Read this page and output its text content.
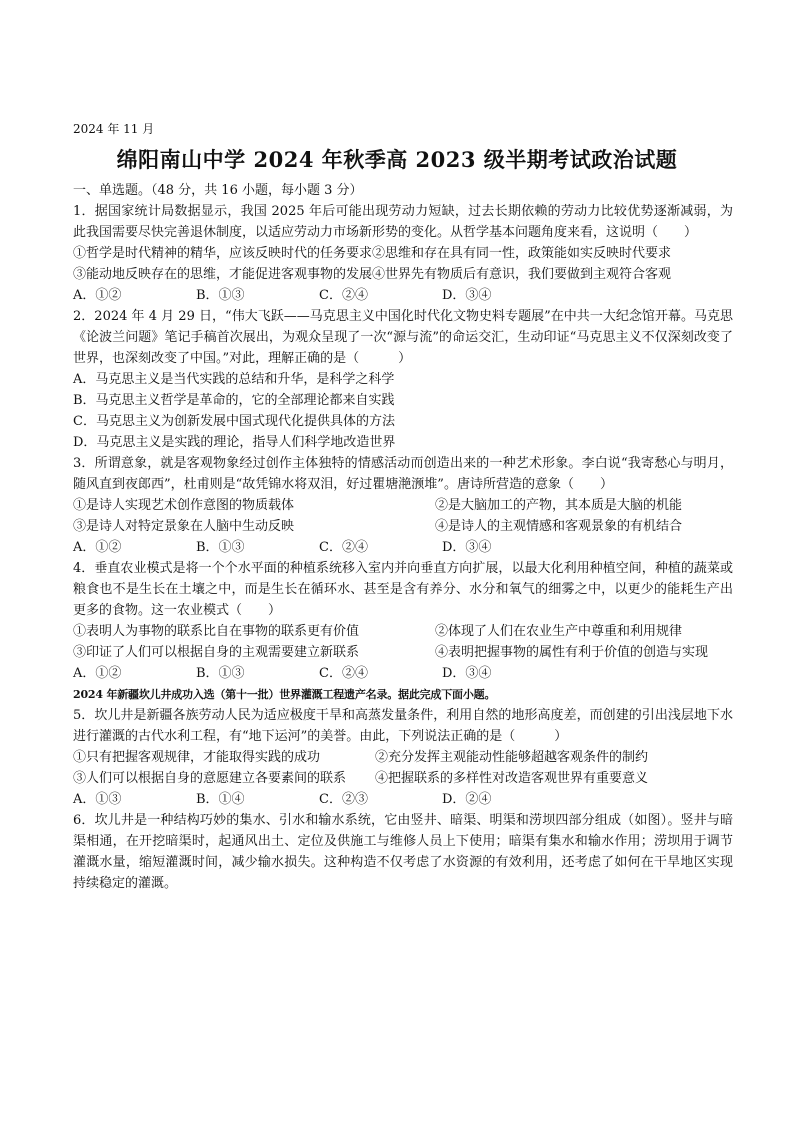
2024 年 11 月
绵阳南山中学 2024 年秋季高 2023 级半期考试政治试题
一、单选题。（48 分，共 16 小题，每小题 3 分）
1．据国家统计局数据显示，我国 2025 年后可能出现劳动力短缺，过去长期依赖的劳动力比较优势逐渐减弱，为此我国需要尽快完善退休制度，以适应劳动力市场新形势的变化。从哲学基本问题角度来看，这说明（　　）
①哲学是时代精神的精华，应该反映时代的任务要求②思维和存在具有同一性，政策能如实反映时代要求
③能动地反映存在的思维，才能促进客观事物的发展④世界先有物质后有意识，我们要做到主观符合客观
A．①②	B．①③	C．②④	D．③④
2．2024 年 4 月 29 日，“伟大飞跃——马克思主义中国化时代化文物史料专题展”在中共一大纪念馆开幕。马克思《论波兰问题》笔记手稿首次展出，为观众呈现了一次“源与流”的命运交汇，生动印证“马克思主义不仅深刻改变了世界，也深刻改变了中国。”对此，理解正确的是（　　　）
A．马克思主义是当代实践的总结和升华，是科学之科学
B．马克思主义哲学是革命的，它的全部理论都来自实践
C．马克思主义为创新发展中国式现代化提供具体的方法
D．马克思主义是实践的理论，指导人们科学地改造世界
3．所谓意象，就是客观物象经过创作主体独特的情感活动而创造出来的一种艺术形象。李白说“我寄愁心与明月，随风直到夜郎西”，杜甫则是“故凭锦水将双泪，好过瞿塘滟滪堆”。唐诗所营造的意象（　　）
①是诗人实现艺术创作意图的物质载体	②是大脑加工的产物，其本质是大脑的机能
③是诗人对特定景象在人脑中生动反映	④是诗人的主观情感和客观景象的有机结合
A．①②	B．①③	C．②④	D．③④
4．垂直农业模式是将一个个水平面的种植系统移入室内并向垂直方向扩展，以最大化利用种植空间，种植的蔬菜或粮食也不是生长在土壤之中，而是生长在循环水、甚至是含有养分、水分和氧气的细雾之中，以更少的能耗生产出更多的食物。这一农业模式（　　）
①表明人为事物的联系比自在事物的联系更有价值	②体现了人们在农业生产中尊重和利用规律
③印证了人们可以根据自身的主观需要建立新联系	④表明把握事物的属性有利于价值的创造与实现
A．①②	B．①③	C．②④	D．③④
2024 年新疆坎儿井成功入选（第十一批）世界灌溉工程遗产名录。据此完成下面小题。
5．坎儿井是新疆各族劳动人民为适应极度干旱和高蒸发量条件，利用自然的地形高度差，而创建的引出浅层地下水进行灌溉的古代水利工程，有“地下运河”的美誉。由此，下列说法正确的是（　　　）
①只有把握客观规律，才能取得实践的成功	②充分发挥主观能动性能够超越客观条件的制约
③人们可以根据自身的意愿建立各要素间的联系	④把握联系的多样性对改造客观世界有重要意义
A．①③	B．①④	C．②③	D．②④
6．坎儿井是一种结构巧妙的集水、引水和输水系统，它由竖井、暗渠、明渠和涝坝四部分组成（如图）。竖井与暗渠相通，在开挖暗渠时，起通风出土、定位及供施工与维修人员上下使用；暗渠有集水和输水作用；涝坝用于调节灌溉水量，缩短灌溉时间，减少输水损失。这种构造不仅考虑了水资源的有效利用，还考虑了如何在干旱地区实现持续稳定的灌溉。
